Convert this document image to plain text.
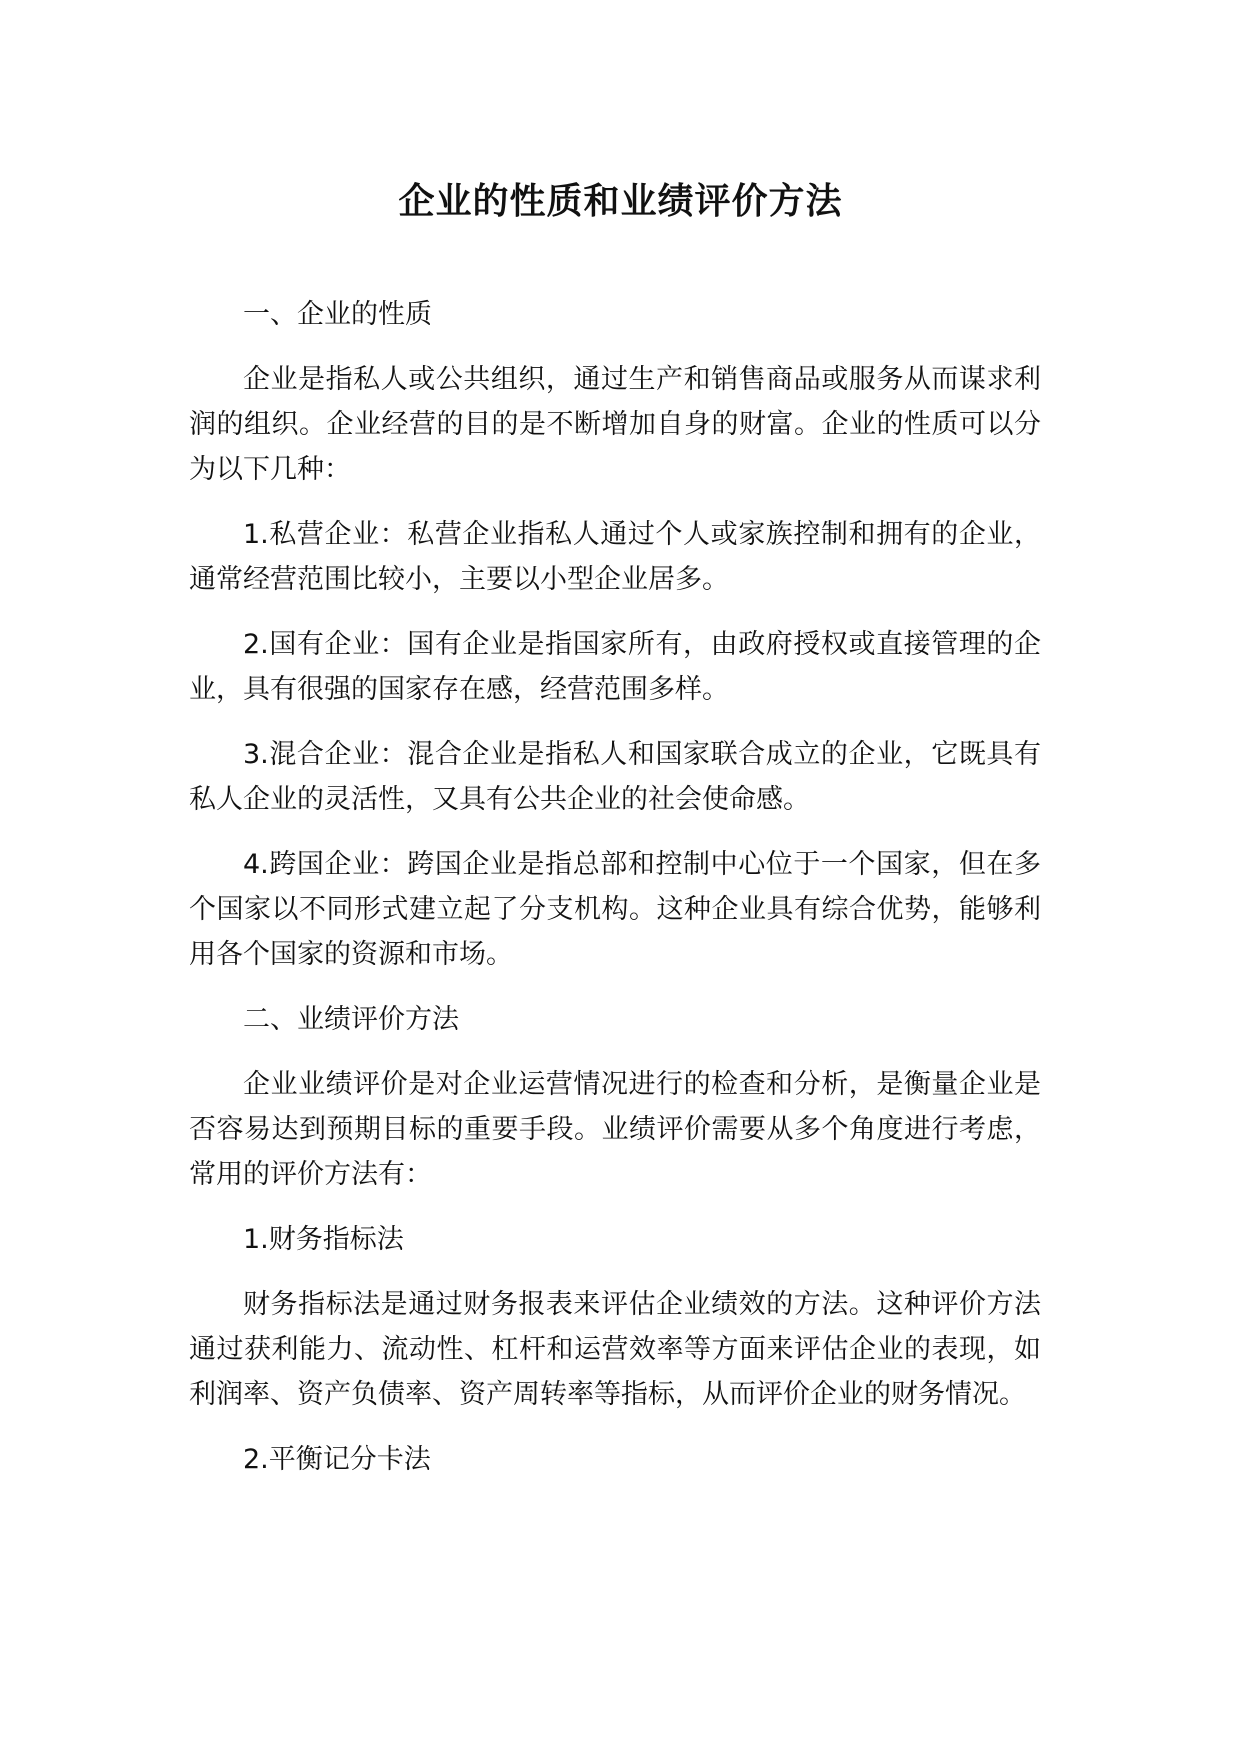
企业的性质和业绩评价方法

一、企业的性质

企业是指私人或公共组织，通过生产和销售商品或服务从而谋求利润的组织。企业经营的目的是不断增加自身的财富。企业的性质可以分为以下几种：

1.私营企业：私营企业指私人通过个人或家族控制和拥有的企业，通常经营范围比较小，主要以小型企业居多。

2.国有企业：国有企业是指国家所有，由政府授权或直接管理的企业，具有很强的国家存在感，经营范围多样。

3.混合企业：混合企业是指私人和国家联合成立的企业，它既具有私人企业的灵活性，又具有公共企业的社会使命感。

4.跨国企业：跨国企业是指总部和控制中心位于一个国家，但在多个国家以不同形式建立起了分支机构。这种企业具有综合优势，能够利用各个国家的资源和市场。

二、业绩评价方法

企业业绩评价是对企业运营情况进行的检查和分析，是衡量企业是否容易达到预期目标的重要手段。业绩评价需要从多个角度进行考虑，常用的评价方法有：

1.财务指标法

财务指标法是通过财务报表来评估企业绩效的方法。这种评价方法通过获利能力、流动性、杠杆和运营效率等方面来评估企业的表现，如利润率、资产负债率、资产周转率等指标，从而评价企业的财务情况。

2.平衡记分卡法
